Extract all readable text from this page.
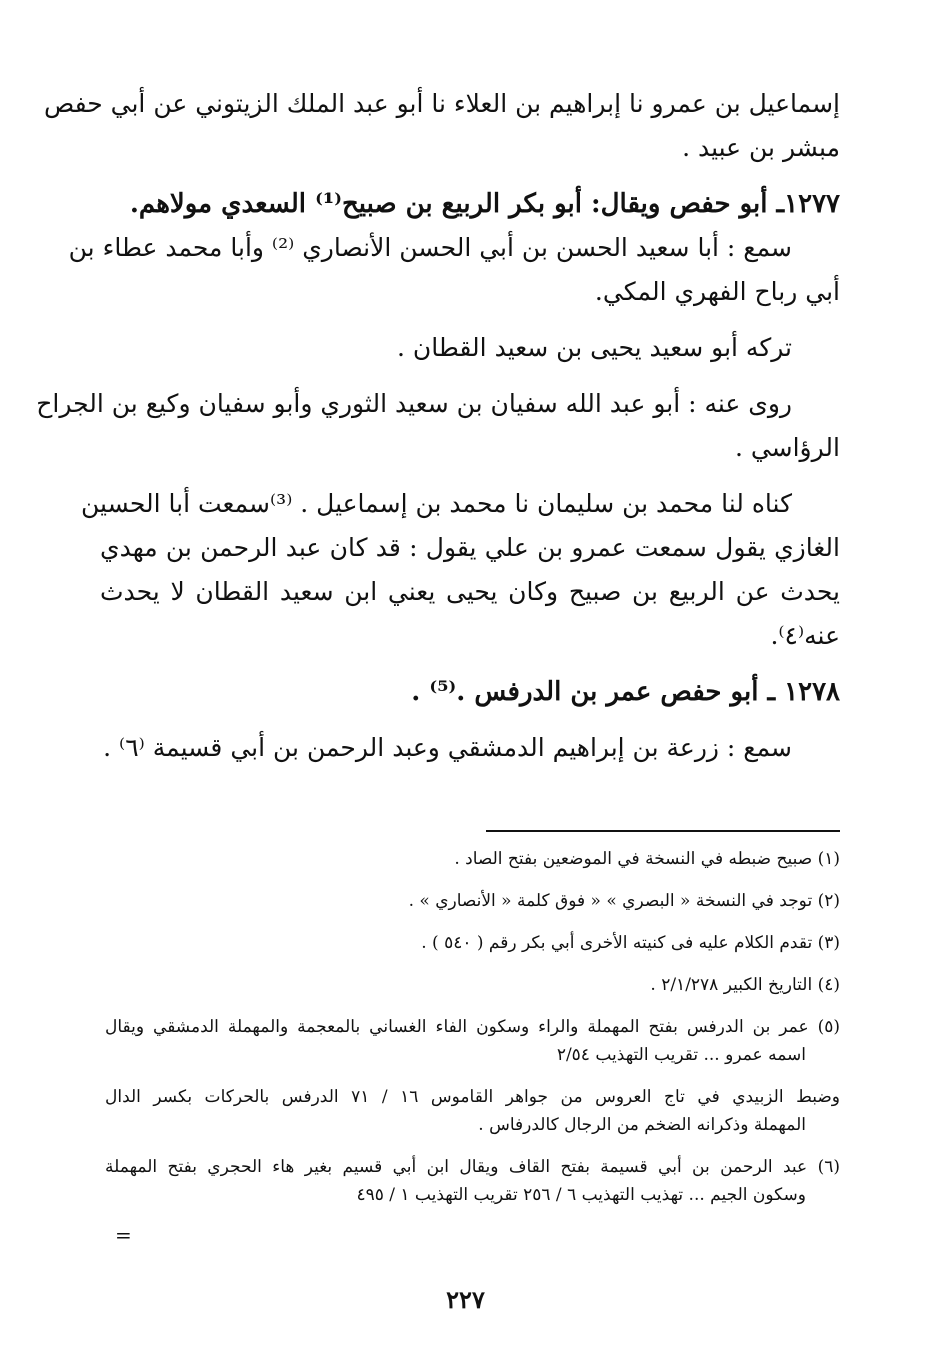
إسماعيل بن عمرو نا إبراهيم بن العلاء نا أبو عبد الملك الزيتوني عن أبي حفص
مبشر بن عبيد .
١٢٧٧ـ أبو حفص ويقال: أبو بكر الربيع بن صبيح⁽¹⁾ السعدي مولاهم.
سمع : أبا سعيد الحسن بن أبي الحسن الأنصاري ⁽²⁾ وأبا محمد عطاء بن
أبي رباح الفهري المكي.
تركه أبو سعيد يحيى بن سعيد القطان .
روى عنه : أبو عبد الله سفيان بن سعيد الثوري وأبو سفيان وكيع بن الجراح
الرؤاسي .
كناه لنا محمد بن سليمان نا محمد بن إسماعيل . ⁽³⁾سمعت أبا الحسين
الغازي يقول سمعت عمرو بن علي يقول : قد كان عبد الرحمن بن مهدي
يحدث عن الربيع بن صبيح وكان يحيى يعني ابن سعيد القطان لا يحدث
عنه⁽٤⁾.
١٢٧٨ ـ أبو حفص عمر بن الدرفس .⁽⁵⁾ .
سمع : زرعة بن إبراهيم الدمشقي وعبد الرحمن بن أبي قسيمة ⁽٦⁾ .
(١) صبيح ضبطه في النسخة في الموضعين بفتح الصاد .
(٢) توجد في النسخة « البصري » « فوق كلمة « الأنصاري » .
(٣) تقدم الكلام عليه فى كنيته الأخرى أبي بكر رقم ( ٥٤٠ ) .
(٤) التاريخ الكبير ٢/١/٢٧٨ .
(٥) عمر بن الدرفس بفتح المهملة والراء وسكون الفاء الغساني بالمعجمة والمهملة الدمشقي ويقال
اسمه عمرو ... تقريب التهذيب ٢/٥٤
وضبط الزبيدي في تاج العروس من جواهر القاموس ١٦ / ٧١ الدرفس بالحركات بكسر الدال
المهملة وذكرانه الضخم من الرجال كالدرفاس .
(٦) عبد الرحمن بن أبي قسيمة بفتح القاف ويقال ابن أبي قسيم بغير هاء الحجري بفتح المهملة
وسكون الجيم ... تهذيب التهذيب ٦ / ٢٥٦ تقريب التهذيب ١ / ٤٩٥
=
٢٢٧
